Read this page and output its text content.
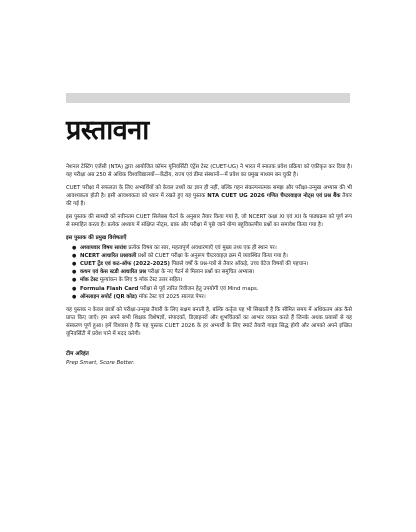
प्रस्तावना

नेशनल टेस्टिंग एजेंसी (NTA) द्वारा आयोजित कॉमन यूनिवर्सिटी एंट्रेंस टेस्ट (CUET-UG) ने भारत में स्नातक प्रवेश प्रक्रिया को एकीकृत कर दिया है। यह परीक्षा अब 250 से अधिक विश्वविद्यालयों—केंद्रीय, राज्य एवं डीम्ड संस्थानों—में प्रवेश का प्रमुख माध्यम बन चुकी है।

CUET परीक्षा में सफलता के लिए अभ्यर्थियों को केवल तथ्यों का ज्ञान ही नहीं, बल्कि गहन संकल्पनात्मक समझ और परीक्षा-उन्मुख अभ्यास की भी आवश्यकता होती है। इसी आवश्यकता को ध्यान में रखते हुए यह पुस्तक NTA CUET UG 2026 गणित चैप्टरवाइज नोट्स एवं प्रश्न बैंक तैयार की गई है।

इस पुस्तक की सामग्री को नवीनतम CUET सिलेबस पैटर्न के अनुसार तैयार किया गया है, जो NCERT कक्षा XI एवं XII के पाठ्यक्रम को पूर्ण रूप से समाहित करता है। प्रत्येक अध्याय में संक्षिप्त नोट्स, ग्राफ़ और परीक्षा में पूछे जाने योग्य बहुविकल्पीय प्रश्नों का समावेश किया गया है।

इस पुस्तक की प्रमुख विशेषताएँ
● अध्यायवार विषय सारांश प्रत्येक विषय का सार, महत्वपूर्ण अवधारणाएँ एवं मुख्य तथ्य एक ही स्थान पर।
● NCERT आधारित प्रश्नावली प्रश्नों को CUET परीक्षा के अनुरूप चैप्टरवाइज़ क्रम में व्यवस्थित किया गया है।
● CUET ट्रेंड एवं कट-ऑफ (2022-2025) पिछले वर्षों के प्रश्न-पत्रों से तैयार आँकड़े, उच्च वेटेज विषयों की पहचान।
● कथन एवं केस स्टडी आधारित प्रश्न परीक्षा के नए पैटर्न से मिलान प्रश्नों का समुचित अभ्यास।
● मॉक टेस्ट मूल्यांकन के लिए 5 मॉक टेस्ट उत्तर सहित।
● Formula Flash Card परीक्षा से पूर्व त्वरित रिवीजन हेतु उपयोगी एवं Mind maps.
● ऑनलाइन सपोर्ट (QR कोड) मॉक टेस्ट एवं 2025 साल्व्ड पेपर।

यह पुस्तक न केवल छात्रों को परीक्षा-उन्मुख तैयारी के लिए सक्षम बनाती है, बल्कि कर्तृत्व यह भी सिखाती है कि सीमित समय में अधिकतम अंक कैसे प्राप्त किए जाएँ। हम अपने सभी शिक्षक विशेषज्ञों, संपादकों, डिज़ाइनरों और शुभचिंतकों का आभार व्यक्त करते हैं जिनके अथक प्रयासों से यह संस्करण पूर्ण हुआ। हमें विश्वास है कि यह पुस्तक CUET 2026 के हर अभ्यर्थी के लिए स्मार्ट तैयारी गाइड सिद्ध होगी और आपको अपने इच्छित यूनिवर्सिटी में प्रवेश पाने में मदद करेगी।

टीम अरिहंत
Prep Smart, Score Better.
